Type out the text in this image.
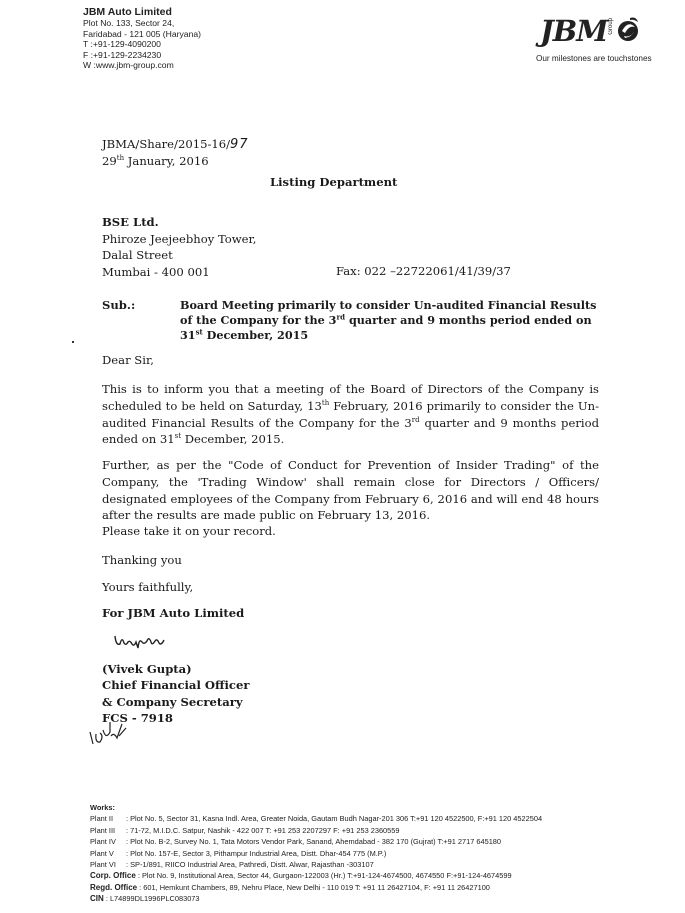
JBM Auto Limited
Plot No. 133, Sector 24,
Faridabad - 121 005 (Haryana)
T :+91-129-4090200
F :+91-129-2234230
W :www.jbm-group.com
JBM Group
Our milestones are touchstones
JBMA/Share/2015-16/97
29th January, 2016
Listing Department
BSE Ltd.
Phiroze Jeejeebhoy Tower,
Dalal Street
Mumbai - 400 001	Fax: 022 –22722061/41/39/37
Sub.:	Board Meeting primarily to consider Un-audited Financial Results
of the Company for the 3rd quarter and 9 months period ended on
31st December, 2015
Dear Sir,
This is to inform you that a meeting of the Board of Directors of the Company is scheduled to be held on Saturday, 13th February, 2016 primarily to consider the Un-audited Financial Results of the Company for the 3rd quarter and 9 months period ended on 31st December, 2015.
Further, as per the "Code of Conduct for Prevention of Insider Trading" of the Company, the 'Trading Window' shall remain close for Directors / Officers/ designated employees of the Company from February 6, 2016 and will end 48 hours after the results are made public on February 13, 2016.
Please take it on your record.
Thanking you
Yours faithfully,
For JBM Auto Limited
(Vivek Gupta)
Chief Financial Officer
& Company Secretary
FCS - 7918
Works:
Plant II : Plot No. 5, Sector 31, Kasna Indl. Area, Greater Noida, Gautam Budh Nagar-201 306 T:+91 120 4522500, F:+91 120 4522504
Plant III : 71-72, M.I.D.C. Satpur, Nashik - 422 007 T: +91 253 2207297 F: +91 253 2360559
Plant IV : Plot No. B-2, Survey No. 1, Tata Motors Vendor Park, Sanand, Ahemdabad - 382 170 (Gujrat) T:+91 2717 645180
Plant V : Plot No. 157-E, Sector 3, Pithampur Industrial Area, Distt. Dhar-454 775 (M.P.)
Plant VI : SP-1/891, RIICO Industrial Area, Pathredi, Distt. Alwar, Rajasthan -303107
Corp. Office : Plot No. 9, Institutional Area, Sector 44, Gurgaon-122003 (Hr.) T:+91-124-4674500, 4674550 F:+91-124-4674599
Regd. Office : 601, Hemkunt Chambers, 89, Nehru Place, New Delhi - 110 019 T: +91 11 26427104, F: +91 11 26427100
CIN : L74899DL1996PLC083073
